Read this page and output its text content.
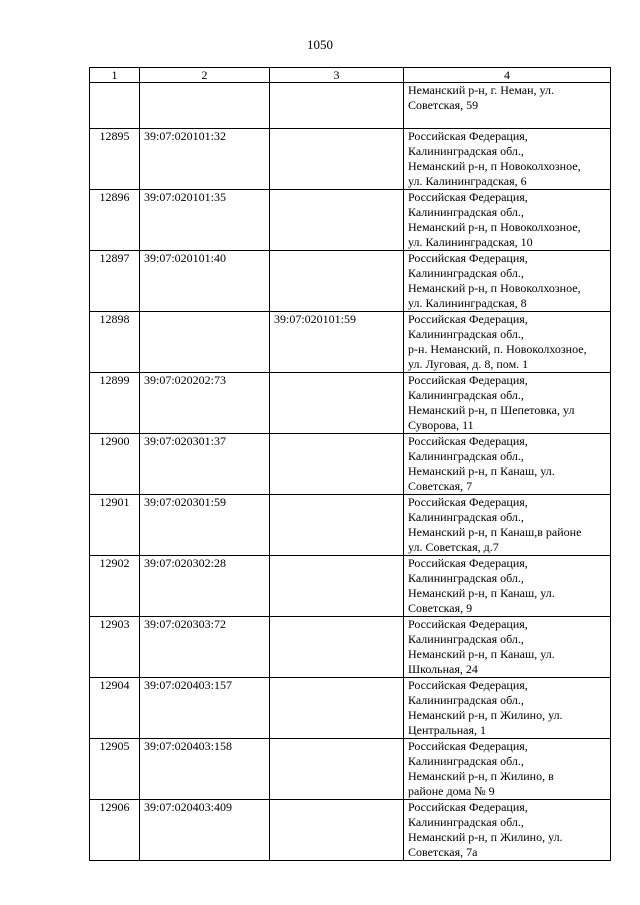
1050
1	2	3	4

			Неманский р-н, г. Неман, ул.
Советская, 59

12895	39:07:020101:32		Российская Федерация,
Калининградская обл.,
Неманский р-н, п Новоколхозное,
ул. Калининградская, 6

12896	39:07:020101:35		Российская Федерация,
Калининградская обл.,
Неманский р-н, п Новоколхозное,
ул. Калининградская, 10

12897	39:07:020101:40		Российская Федерация,
Калининградская обл.,
Неманский р-н, п Новоколхозное,
ул. Калининградская, 8

12898		39:07:020101:59	Российская Федерация,
Калининградская обл.,
р-н. Неманский, п. Новоколхозное,
ул. Луговая, д. 8, пом. 1

12899	39:07:020202:73		Российская Федерация,
Калининградская обл.,
Неманский р-н, п Шепетовка, ул
Суворова, 11

12900	39:07:020301:37		Российская Федерация,
Калининградская обл.,
Неманский р-н, п Канаш, ул.
Советская, 7

12901	39:07:020301:59		Российская Федерация,
Калининградская обл.,
Неманский р-н, п Канаш,в районе
ул. Советская, д.7

12902	39:07:020302:28		Российская Федерация,
Калининградская обл.,
Неманский р-н, п Канаш, ул.
Советская, 9

12903	39:07:020303:72		Российская Федерация,
Калининградская обл.,
Неманский р-н, п Канаш, ул.
Школьная, 24

12904	39:07:020403:157		Российская Федерация,
Калининградская обл.,
Неманский р-н, п Жилино, ул.
Центральная, 1

12905	39:07:020403:158		Российская Федерация,
Калининградская обл.,
Неманский р-н, п Жилино, в
районе дома № 9

12906	39:07:020403:409		Российская Федерация,
Калининградская обл.,
Неманский р-н, п Жилино, ул.
Советская, 7а
